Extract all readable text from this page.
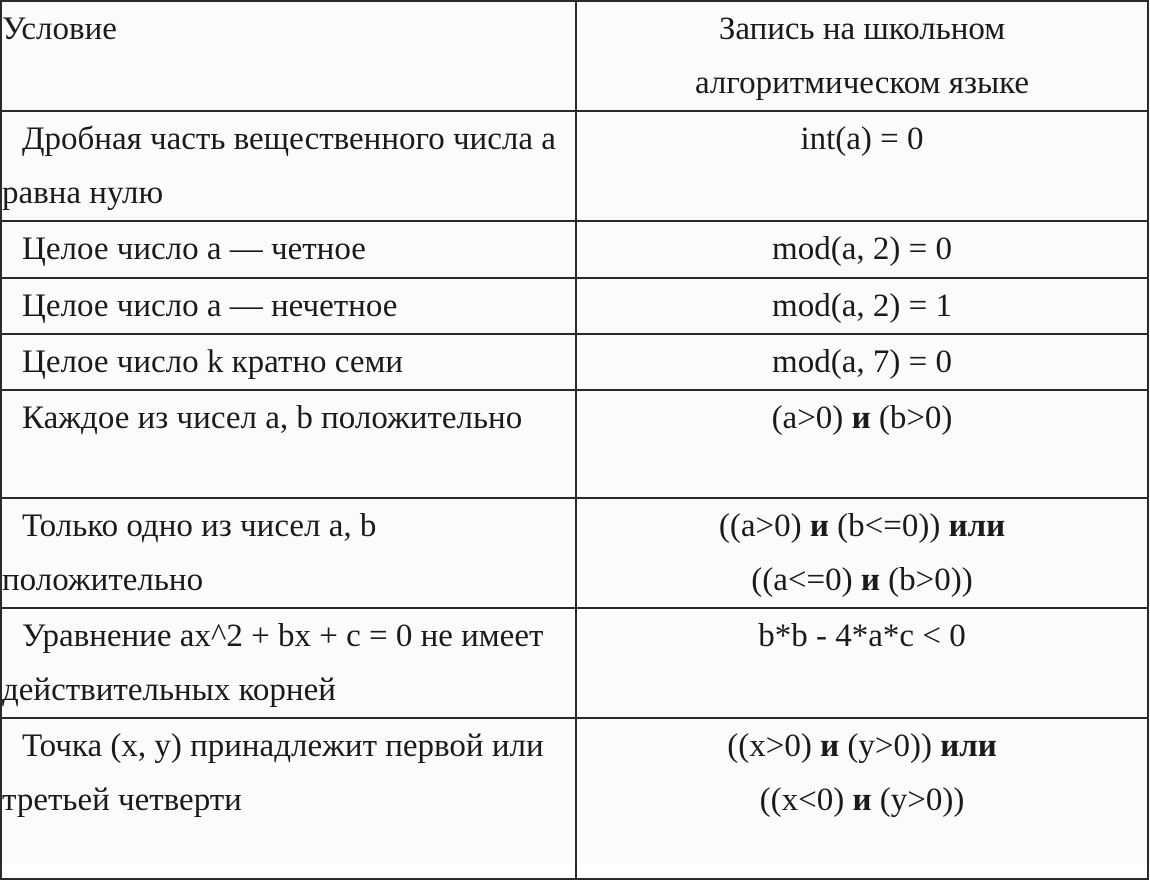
Условие	Запись на школьном
алгоритмическом языке

Дробная часть вещественного числа a равна нулю	int(a) = 0

Целое число a — четное	mod(a, 2) = 0

Целое число a — нечетное	mod(a, 2) = 1

Целое число k кратно семи	mod(a, 7) = 0

Каждое из чисел a, b положительно	(a>0) и (b>0)

Только одно из чисел a, b положительно	((a>0) и (b<=0)) или
((a<=0) и (b>0))

Уравнение ax^2 + bx + c = 0 не имеет действительных корней	b*b - 4*a*c < 0

Точка (x, y) принадлежит первой или третьей четверти	((x>0) и (y>0)) или
((x<0) и (y>0))
